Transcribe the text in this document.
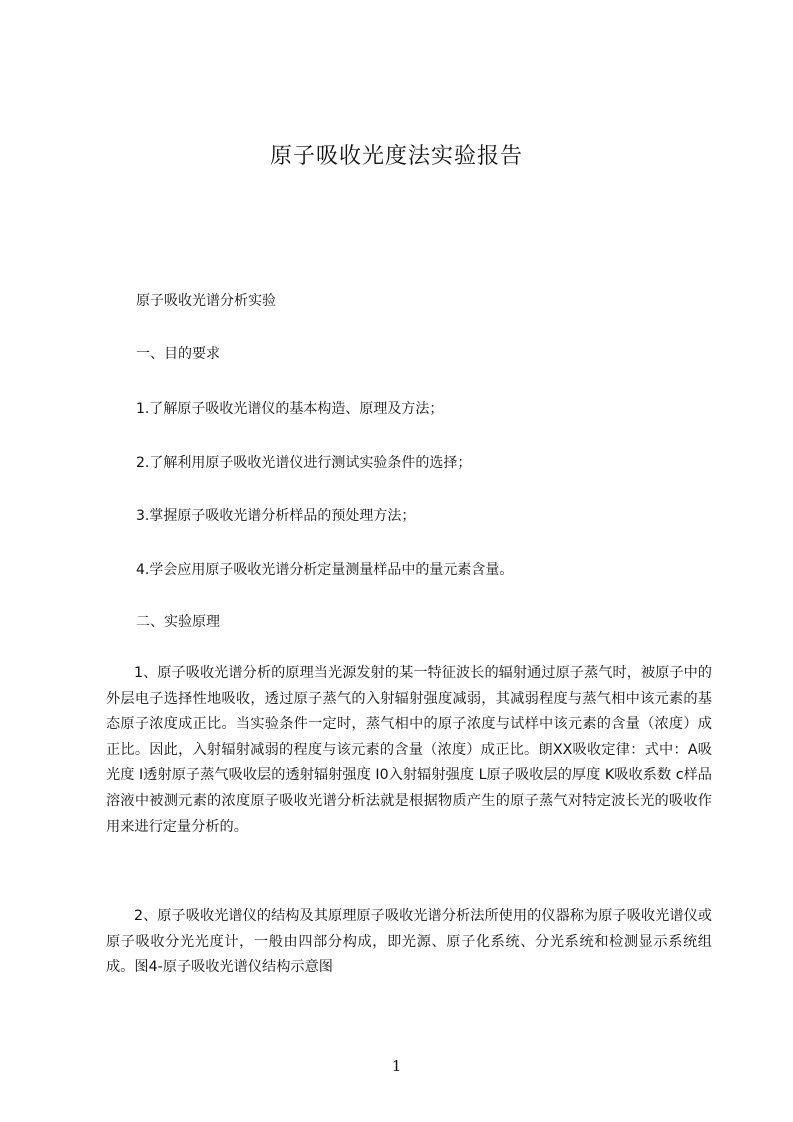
原子吸收光度法实验报告
原子吸收光谱分析实验
一、目的要求
1.了解原子吸收光谱仪的基本构造、原理及方法；
2.了解利用原子吸收光谱仪进行测试实验条件的选择；
3.掌握原子吸收光谱分析样品的预处理方法；
4.学会应用原子吸收光谱分析定量测量样品中的量元素含量。
二、实验原理

1、原子吸收光谱分析的原理当光源发射的某一特征波长的辐射通过原子蒸气时，被原子中的外层电子选择性地吸收，透过原子蒸气的入射辐射强度减弱，其减弱程度与蒸气相中该元素的基态原子浓度成正比。当实验条件一定时，蒸气相中的原子浓度与试样中该元素的含量（浓度）成正比。因此，入射辐射减弱的程度与该元素的含量（浓度）成正比。朗XX吸收定律：式中：A吸光度 I透射原子蒸气吸收层的透射辐射强度 I0入射辐射强度 L原子吸收层的厚度 K吸收系数 c样品溶液中被测元素的浓度原子吸收光谱分析法就是根据物质产生的原子蒸气对特定波长光的吸收作用来进行定量分析的。

2、原子吸收光谱仪的结构及其原理原子吸收光谱分析法所使用的仪器称为原子吸收光谱仪或原子吸收分光光度计，一般由四部分构成，即光源、原子化系统、分光系统和检测显示系统组成。图4-原子吸收光谱仪结构示意图

1
